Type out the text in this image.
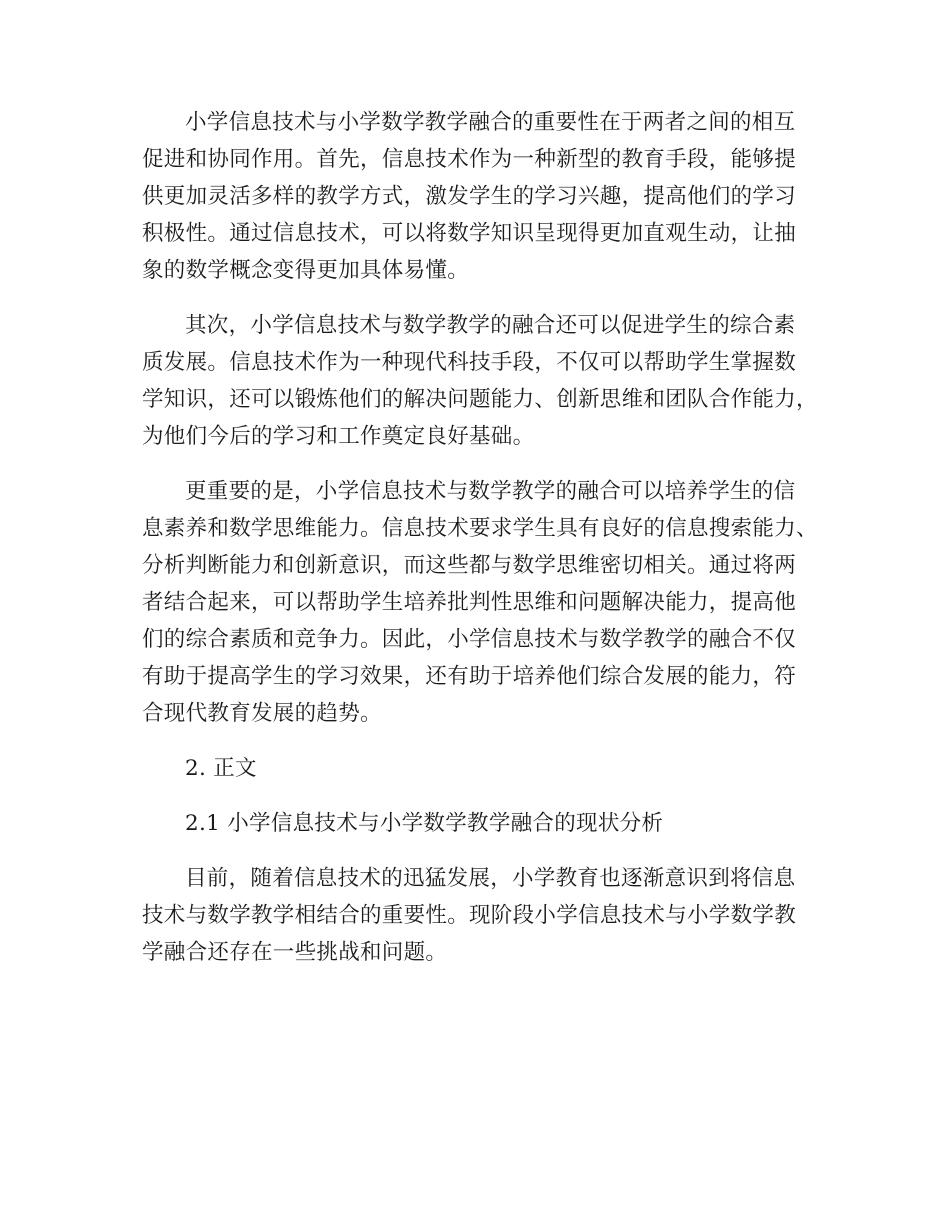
小学信息技术与小学数学教学融合的重要性在于两者之间的相互
促进和协同作用。首先，信息技术作为一种新型的教育手段，能够提
供更加灵活多样的教学方式，激发学生的学习兴趣，提高他们的学习
积极性。通过信息技术，可以将数学知识呈现得更加直观生动，让抽
象的数学概念变得更加具体易懂。
其次，小学信息技术与数学教学的融合还可以促进学生的综合素
质发展。信息技术作为一种现代科技手段，不仅可以帮助学生掌握数
学知识，还可以锻炼他们的解决问题能力、创新思维和团队合作能力，
为他们今后的学习和工作奠定良好基础。
更重要的是，小学信息技术与数学教学的融合可以培养学生的信
息素养和数学思维能力。信息技术要求学生具有良好的信息搜索能力、
分析判断能力和创新意识，而这些都与数学思维密切相关。通过将两
者结合起来，可以帮助学生培养批判性思维和问题解决能力，提高他
们的综合素质和竞争力。因此，小学信息技术与数学教学的融合不仅
有助于提高学生的学习效果，还有助于培养他们综合发展的能力，符
合现代教育发展的趋势。
2. 正文
2.1 小学信息技术与小学数学教学融合的现状分析
目前，随着信息技术的迅猛发展，小学教育也逐渐意识到将信息
技术与数学教学相结合的重要性。现阶段小学信息技术与小学数学教
学融合还存在一些挑战和问题。
